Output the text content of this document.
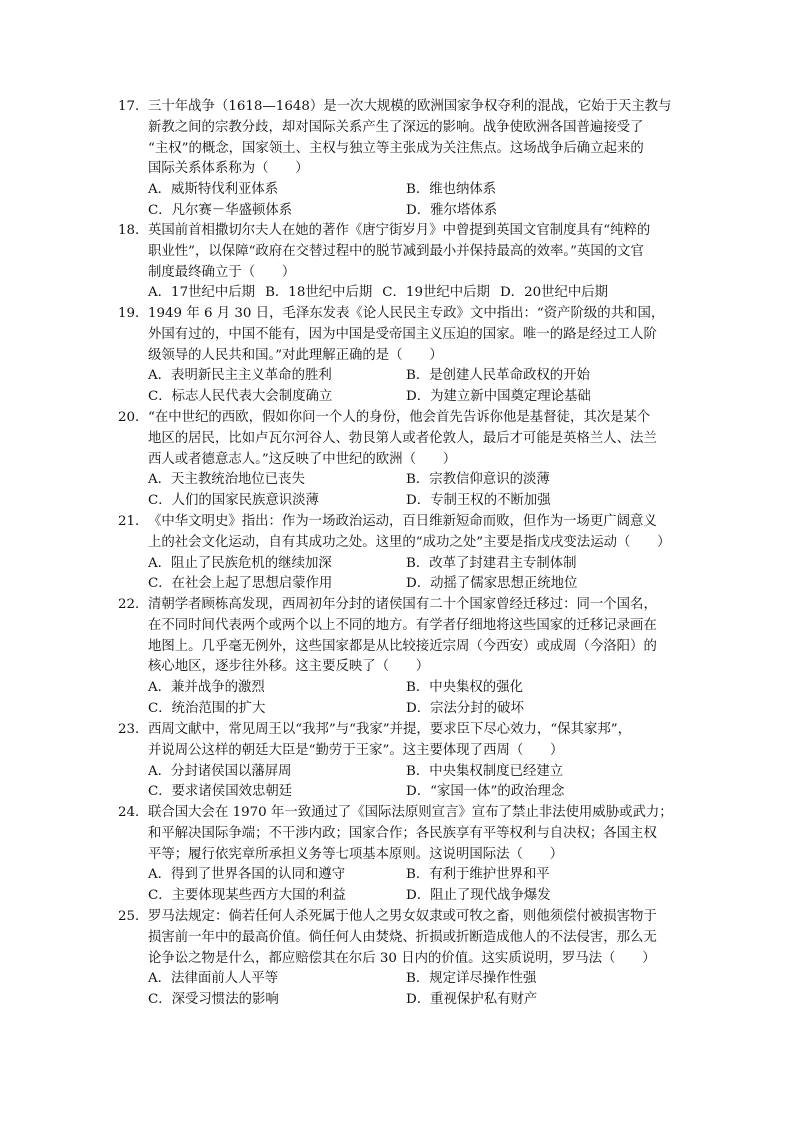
17． 三十年战争（1618—1648）是一次大规模的欧洲国家争权夺利的混战，它始于天主教与

新教之间的宗教分歧，却对国际关系产生了深远的影响。战争使欧洲各国普遍接受了

“主权”的概念，国家领土、主权与独立等主张成为关注焦点。这场战争后确立起来的

国际关系体系称为（　　）

A．威斯特伐利亚体系	B．维也纳体系
C．凡尔赛－华盛顿体系	D．雅尔塔体系
18． 英国前首相撒切尔夫人在她的著作《唐宁街岁月》中曾提到英国文官制度具有“纯粹的

职业性”，以保障“政府在交替过程中的脱节减到最小并保持最高的效率。”英国的文官

制度最终确立于（　　）

A．17世纪中后期 B．18世纪中后期 C．19世纪中后期 D．20世纪中后期
19． 1949 年 6 月 30 日，毛泽东发表《论人民民主专政》文中指出：“资产阶级的共和国，

外国有过的，中国不能有，因为中国是受帝国主义压迫的国家。唯一的路是经过工人阶

级领导的人民共和国。”对此理解正确的是（　　）

A．表明新民主主义革命的胜利	B．是创建人民革命政权的开始
C．标志人民代表大会制度确立	D．为建立新中国奠定理论基础
20． “在中世纪的西欧，假如你问一个人的身份，他会首先告诉你他是基督徒，其次是某个

地区的居民，比如卢瓦尔河谷人、勃艮第人或者伦敦人，最后才可能是英格兰人、法兰

西人或者德意志人。”这反映了中世纪的欧洲（　　）

A．天主教统治地位已丧失	B．宗教信仰意识的淡薄
C．人们的国家民族意识淡薄	D．专制王权的不断加强
21． 《中华文明史》指出：作为一场政治运动，百日维新短命而败，但作为一场更广阔意义

上的社会文化运动，自有其成功之处。这里的“成功之处”主要是指戊戌变法运动（　　）

A．阻止了民族危机的继续加深	B．改革了封建君主专制体制
C．在社会上起了思想启蒙作用	D．动摇了儒家思想正统地位
22． 清朝学者顾栋高发现，西周初年分封的诸侯国有二十个国家曾经迁移过：同一个国名，

在不同时间代表两个或两个以上不同的地方。有学者仔细地将这些国家的迁移记录画在

地图上。几乎毫无例外，这些国家都是从比较接近宗周（今西安）或成周（今洛阳）的

核心地区，逐步往外移。这主要反映了（　　）

A．兼并战争的激烈	B．中央集权的强化
C．统治范围的扩大	D．宗法分封的破坏
23． 西周文献中，常见周王以“我邦”与“我家”并提，要求臣下尽心效力，“保其家邦”，

并说周公这样的朝廷大臣是“勤劳于王家”。这主要体现了西周（　　）

A．分封诸侯国以藩屏周	B．中央集权制度已经建立
C．要求诸侯国效忠朝廷	D．“家国一体”的政治理念
24． 联合国大会在 1970 年一致通过了《国际法原则宣言》宣布了禁止非法使用威胁或武力；

和平解决国际争端；不干涉内政；国家合作；各民族享有平等权利与自决权；各国主权

平等；履行依宪章所承担义务等七项基本原则。这说明国际法（　　）

A．得到了世界各国的认同和遵守	B．有利于维护世界和平
C．主要体现某些西方大国的利益	D．阻止了现代战争爆发
25． 罗马法规定：倘若任何人杀死属于他人之男女奴隶或可牧之畜，则他须偿付被损害物于

损害前一年中的最高价值。倘任何人由焚烧、折损或折断造成他人的不法侵害，那么无

论争讼之物是什么，都应赔偿其在尔后 30 日内的价值。这实质说明，罗马法（　　）

A．法律面前人人平等	B．规定详尽操作性强
C．深受习惯法的影响	D．重视保护私有财产
